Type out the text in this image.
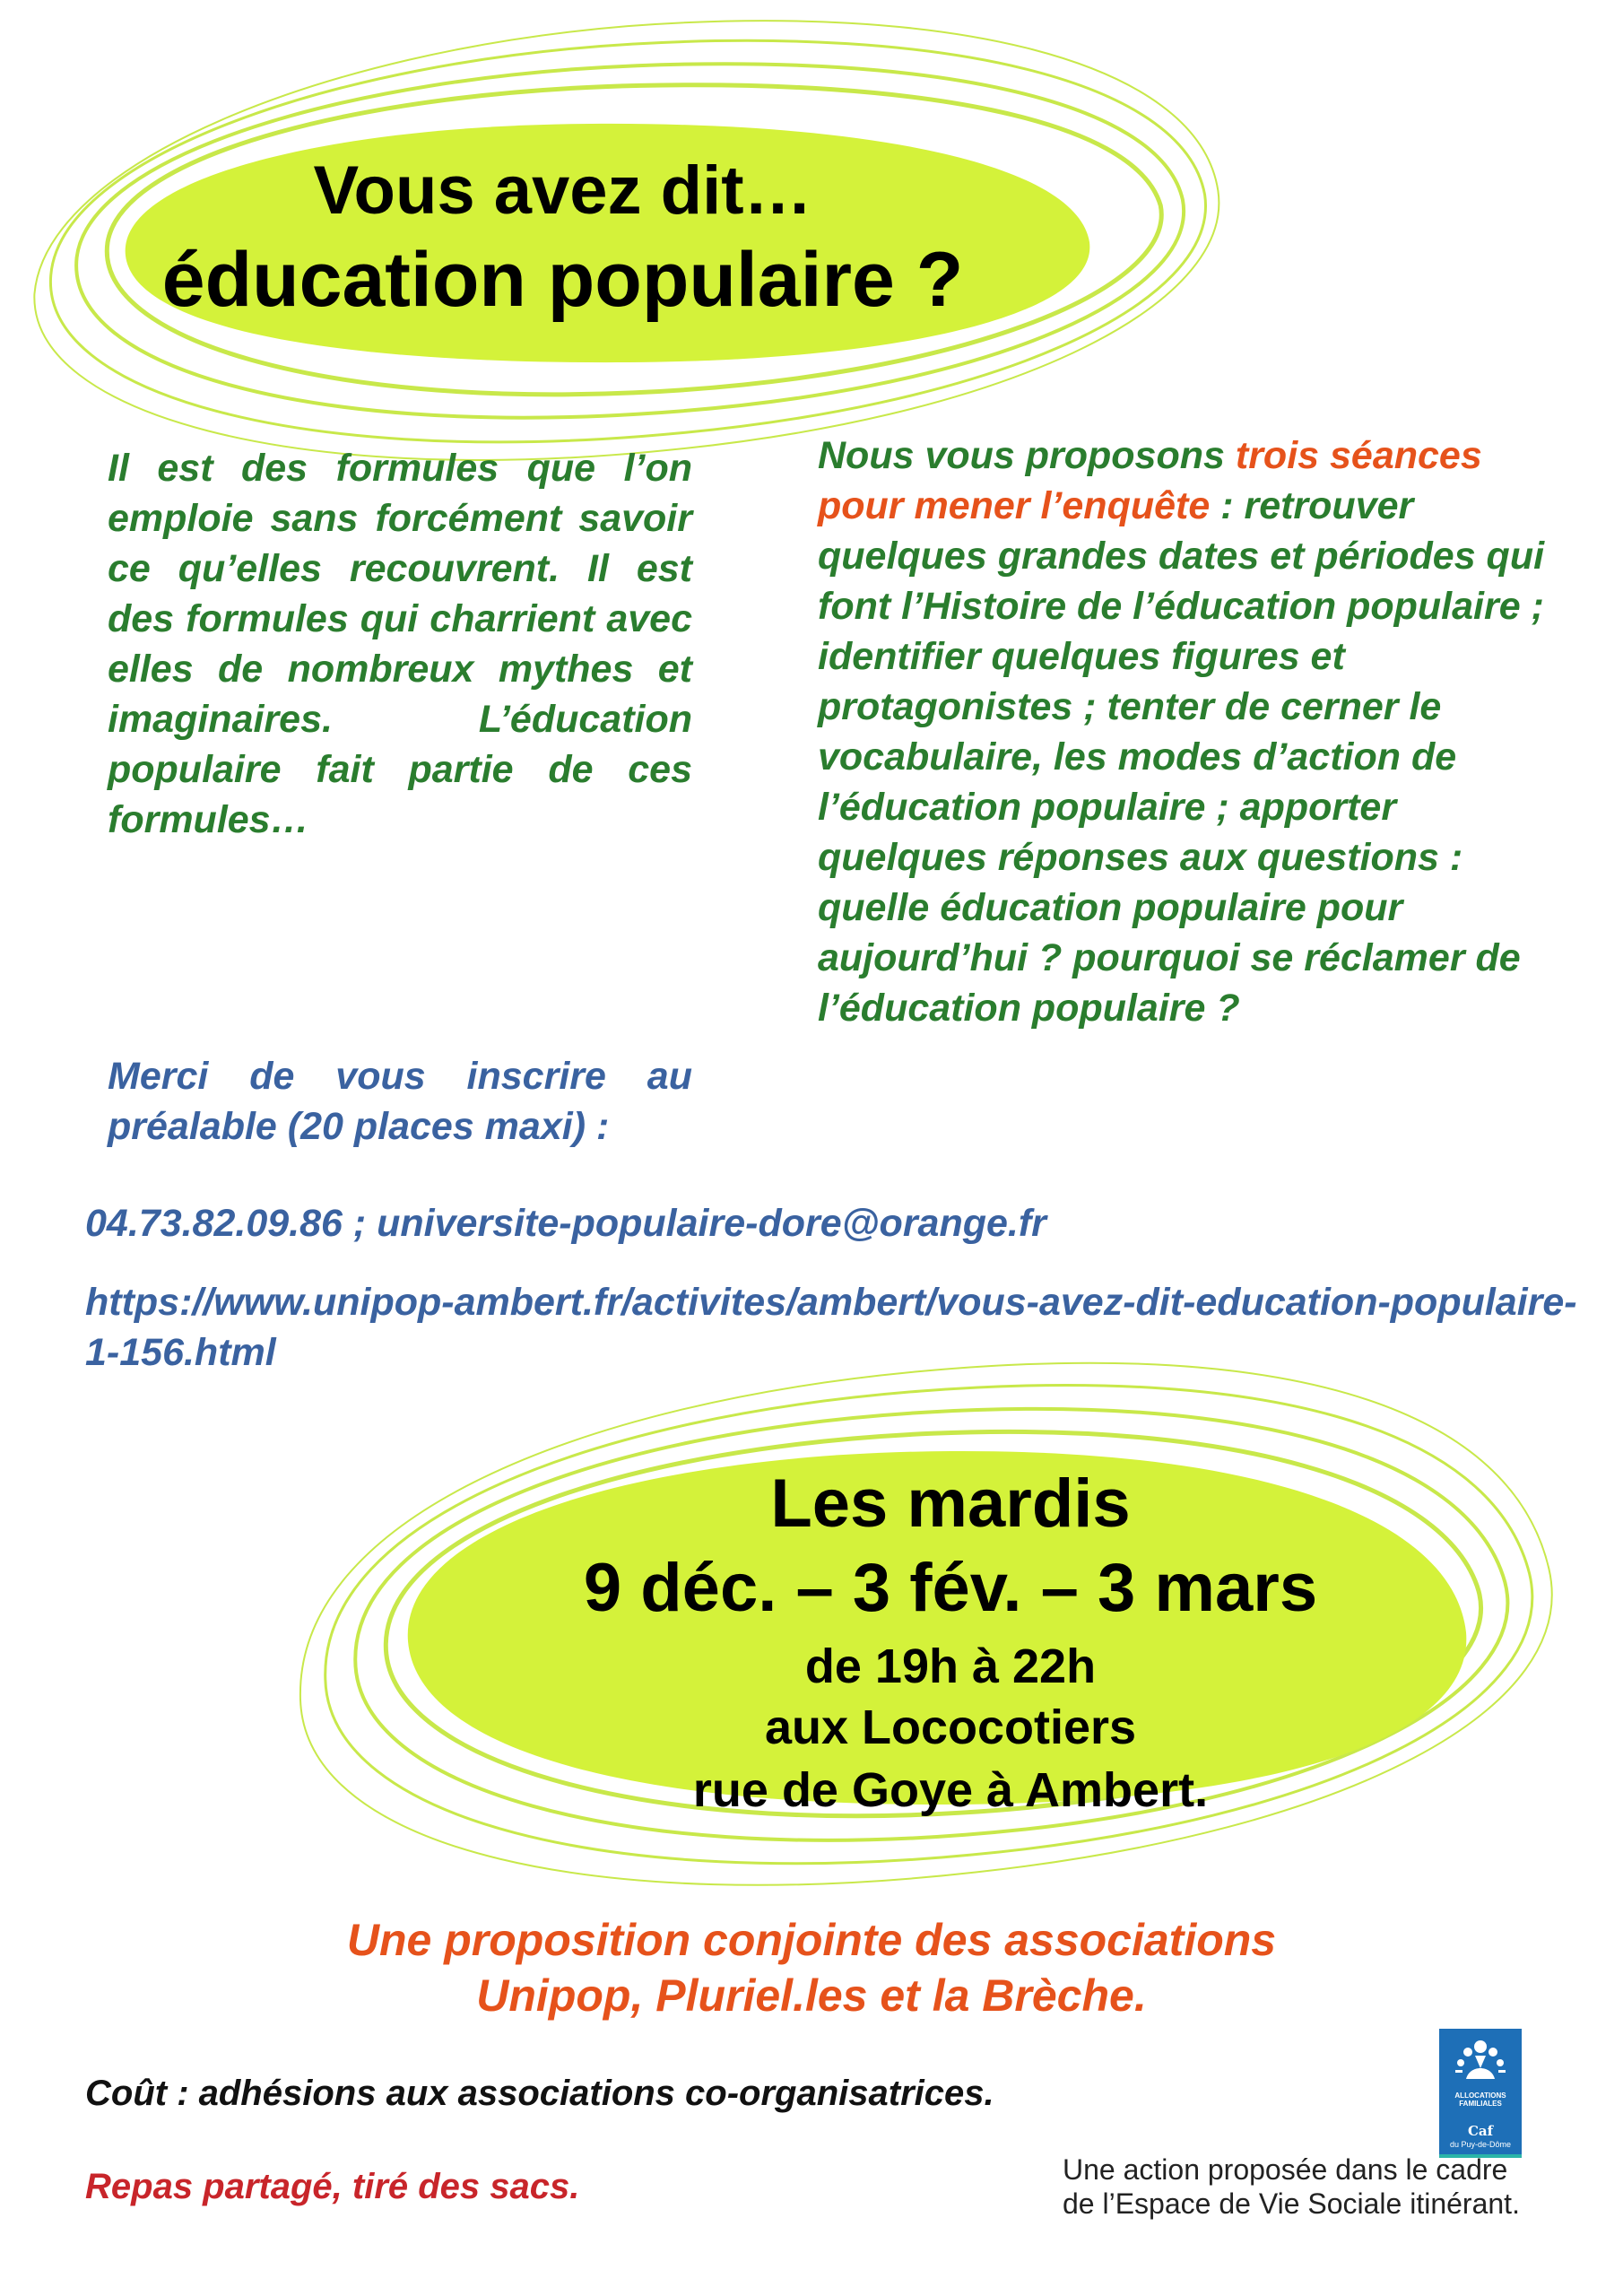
Vous avez dit…
éducation populaire ?
Il est des formules que l’on emploie sans forcément savoir ce qu’elles recouvrent. Il est des formules qui charrient avec elles de nombreux mythes et imaginaires. L’éducation populaire fait partie de ces formules…
Merci de vous inscrire au préalable (20 places maxi) :
Nous vous proposons trois séances pour mener l’enquête : retrouver quelques grandes dates et périodes qui font l’Histoire de l’éducation populaire ; identifier quelques figures et protagonistes ; tenter de cerner le vocabulaire, les modes d’action de l’éducation populaire ; apporter quelques réponses aux questions : quelle éducation populaire pour aujourd’hui ? pourquoi se réclamer de l’éducation populaire ?
04.73.82.09.86 ; universite-populaire-dore@orange.fr
https://www.unipop-ambert.fr/activites/ambert/vous-avez-dit-education-populaire-1-156.html
Les mardis
9 déc. – 3 fév. – 3 mars
de 19h à 22h
aux Lococotiers
rue de Goye à Ambert.
Une proposition conjointe des associations
Unipop, Pluriel.les et la Brèche.
Coût : adhésions aux associations co-organisatrices.
Repas partagé, tiré des sacs.
ALLOCATIONS
FAMILIALES
Caf
du Puy-de-Dôme
Une action proposée dans le cadre
de l’Espace de Vie Sociale itinérant.
